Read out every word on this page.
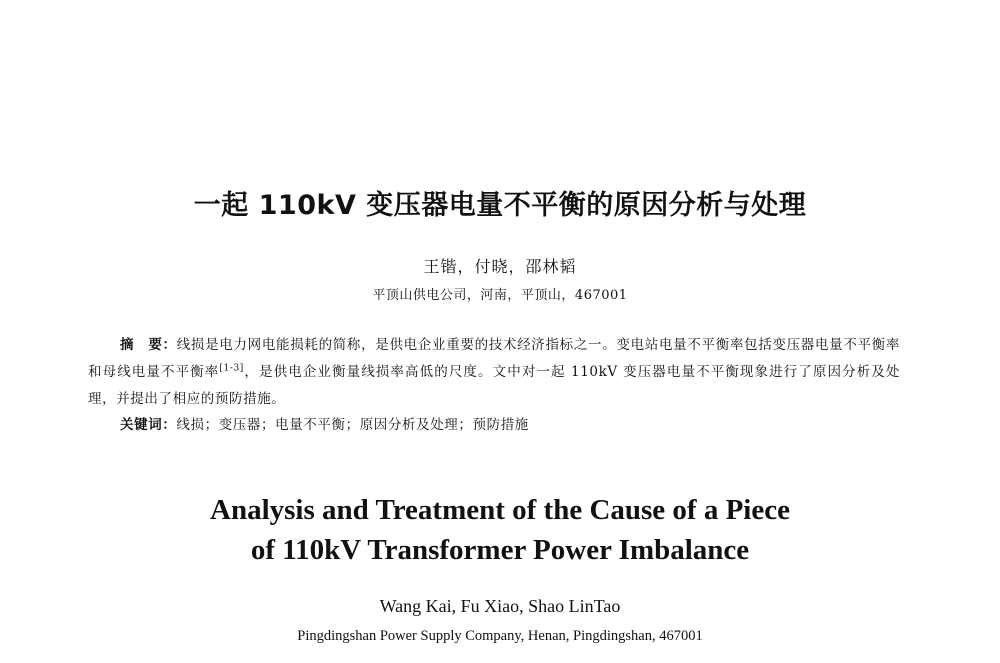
一起 110kV 变压器电量不平衡的原因分析与处理
王锴，付晓，邵林韬
平顶山供电公司，河南，平顶山，467001

摘　要：线损是电力网电能损耗的简称，是供电企业重要的技术经济指标之一。变电站电量不平衡率包括变压器电量不平衡率和母线电量不平衡率[1-3]，是供电企业衡量线损率高低的尺度。文中对一起 110kV 变压器电量不平衡现象进行了原因分析及处理，并提出了相应的预防措施。

关键词：线损；变压器；电量不平衡；原因分析及处理；预防措施
Analysis and Treatment of the Cause of a Piece
of 110kV Transformer Power Imbalance
Wang Kai, Fu Xiao, Shao LinTao
Pingdingshan Power Supply Company, Henan, Pingdingshan, 467001
